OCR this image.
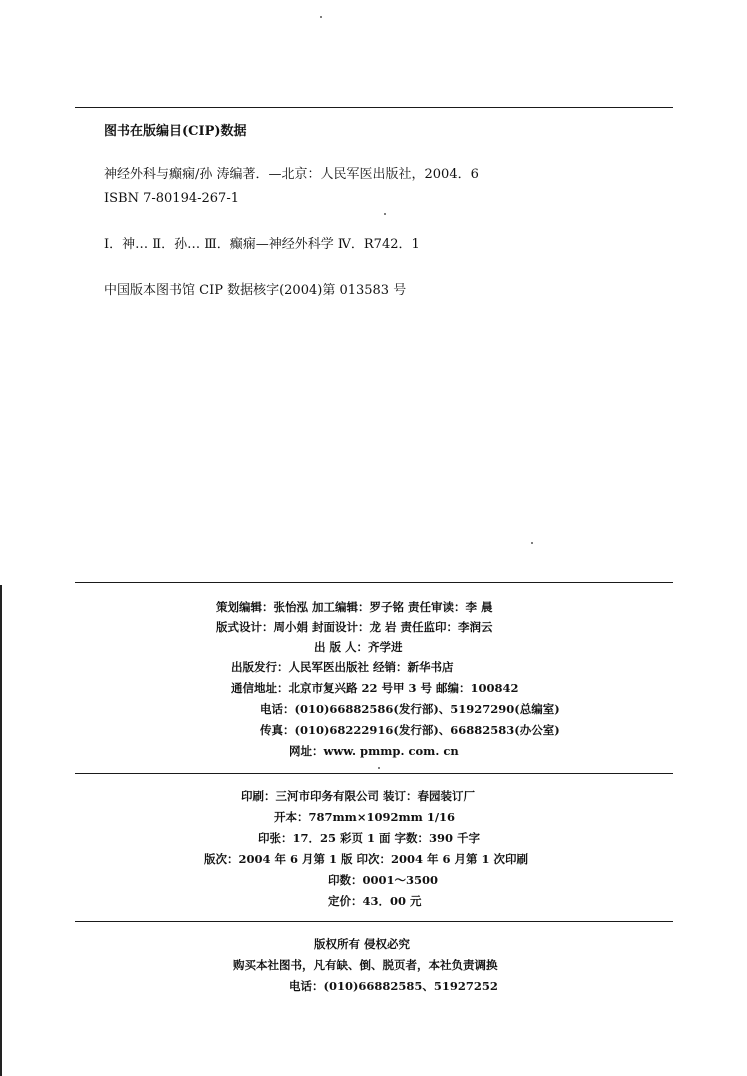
图书在版编目(CIP)数据
神经外科与癫痫/孙 涛编著．—北京：人民军医出版社，2004．6
ISBN 7-80194-267-1
Ⅰ．神… Ⅱ．孙… Ⅲ．癫痫—神经外科学 Ⅳ．R742．1
中国版本图书馆 CIP 数据核字(2004)第 013583 号
策划编辑：张怡泓 加工编辑：罗子铭 责任审读：李 晨
版式设计：周小娟 封面设计：龙 岩 责任监印：李润云
出 版 人：齐学进
出版发行：人民军医出版社 经销：新华书店
通信地址：北京市复兴路 22 号甲 3 号 邮编：100842
电话：(010)66882586(发行部)、51927290(总编室)
传真：(010)68222916(发行部)、66882583(办公室)
网址：www. pmmp. com. cn
印刷：三河市印务有限公司 装订：春园装订厂
开本：787mm×1092mm 1/16
印张：17．25 彩页 1 面 字数：390 千字
版次：2004 年 6 月第 1 版 印次：2004 年 6 月第 1 次印刷
印数：0001～3500
定价：43．00 元
版权所有 侵权必究
购买本社图书，凡有缺、倒、脱页者，本社负责调换
电话：(010)66882585、51927252
